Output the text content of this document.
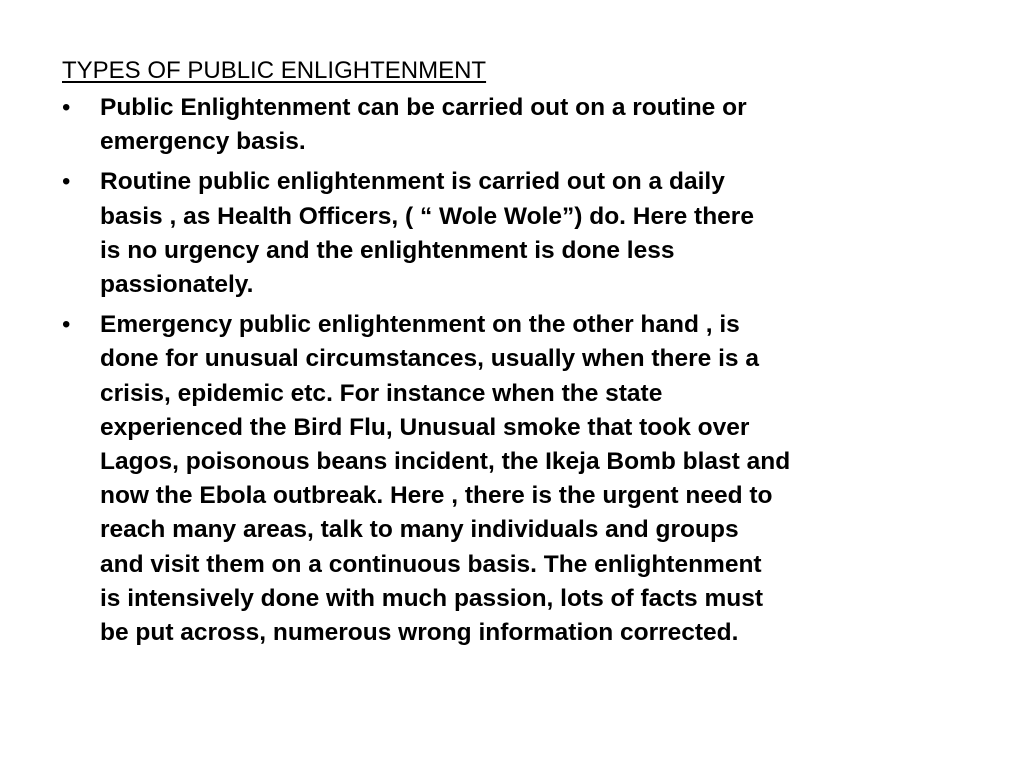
TYPES OF PUBLIC ENLIGHTENMENT
• Public Enlightenment can be carried out on a routine or
emergency basis.
• Routine public enlightenment is carried out on a daily
basis , as Health Officers, ( “ Wole Wole”) do. Here there
is no urgency and the enlightenment is done less
passionately.
• Emergency public enlightenment on the other hand , is
done for unusual circumstances, usually when there is a
crisis, epidemic etc. For instance when the state
experienced the Bird Flu, Unusual smoke that took over
Lagos, poisonous beans incident, the Ikeja Bomb blast and
now the Ebola outbreak. Here , there is the urgent need to
reach many areas, talk to many individuals and groups
and visit them on a continuous basis. The enlightenment
is intensively done with much passion, lots of facts must
be put across, numerous wrong information corrected.
